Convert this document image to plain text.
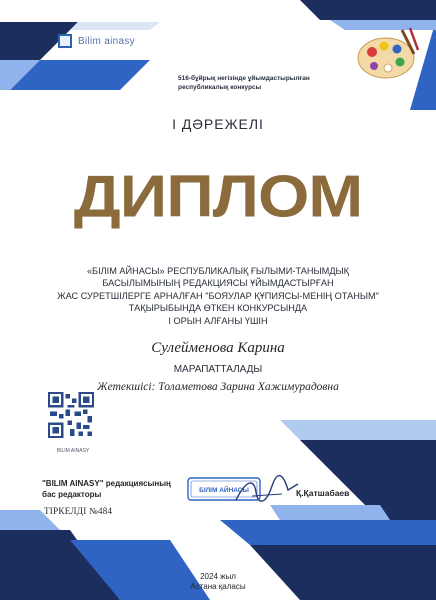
Bilim ainasy
516-бұйрық негізінде ұйымдастырылған республикалық конкурсы
І ДӘРЕЖЕЛІ
ДИПЛОМ
«БІЛІМ АЙНАСЫ» РЕСПУБЛИКАЛЫҚ ҒЫЛЫМИ-ТАНЫМДЫҚ
БАСЫЛЫМЫНЫҢ РЕДАКЦИЯСЫ ҰЙЫМДАСТЫРҒАН
ЖАС СУРЕТШІЛЕРГЕ АРНАЛҒАН "БОЯУЛАР ҚҰПИЯСЫ-МЕНІҢ ОТАНЫМ"
ТАҚЫРЫБЫНДА ӨТКЕН КОНКУРСЫНДА
І ОРЫН АЛҒАНЫ ҮШІН
Сулейменова Карина
МАРАПАТТАЛАДЫ
Жетекшісі: Толаметова Зарина Хажимурадовна
BILIM AINASY
"BILIM AINASY" редакциясының
бас редакторы	БІЛІМ АЙНАСЫ	Қ.Қатшабаев
ТІРКЕЛДІ №484
2024 жыл
Астана қаласы
